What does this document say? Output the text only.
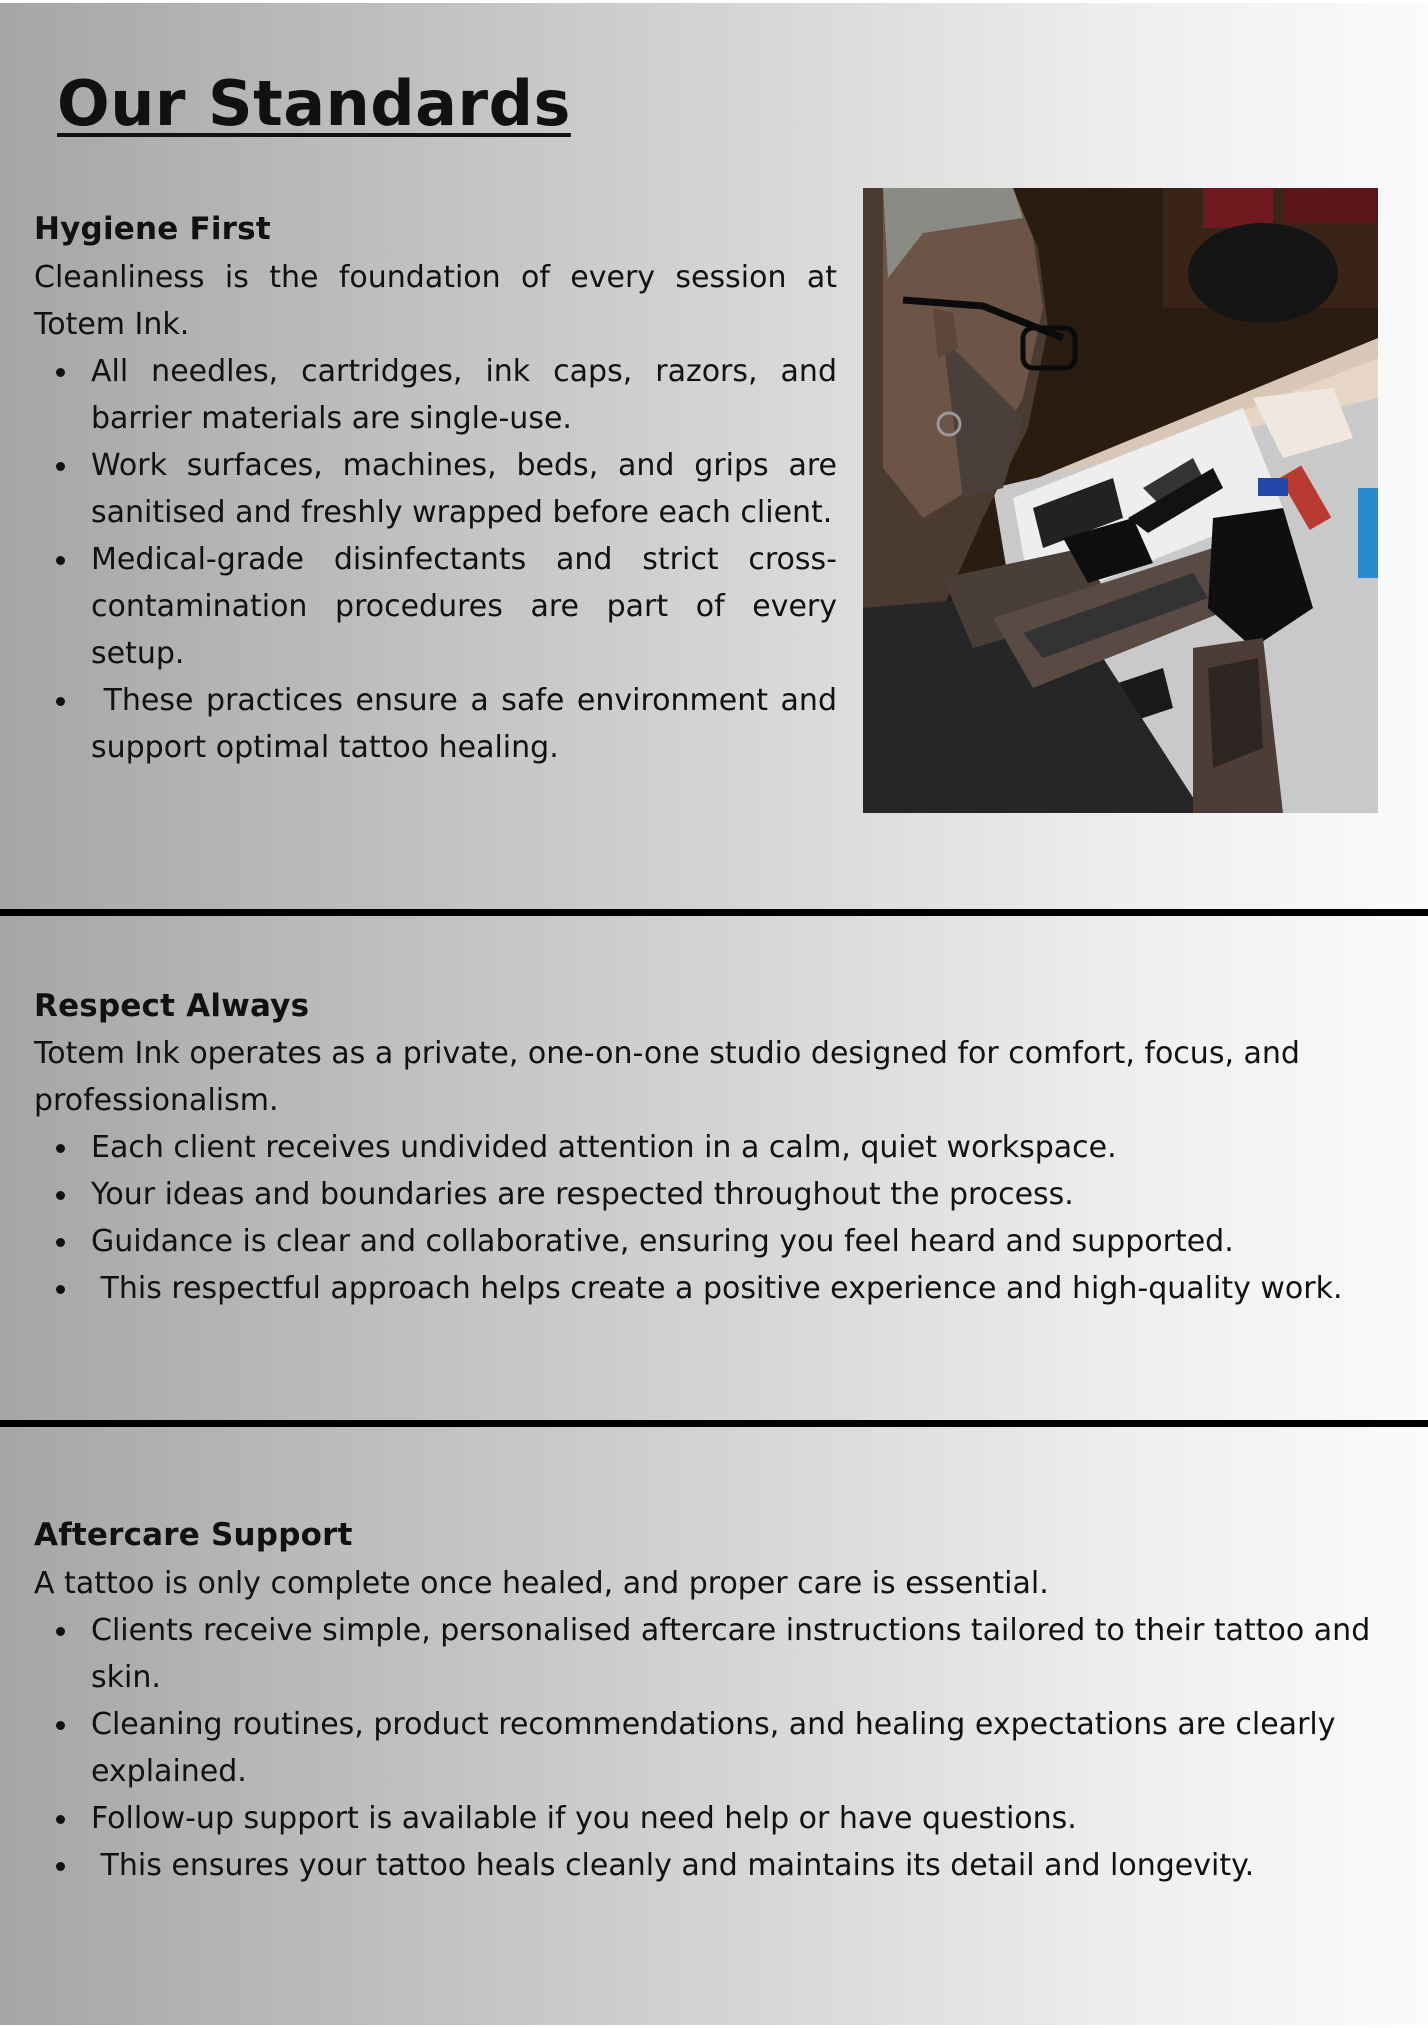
Our Standards
Hygiene First

Cleanliness is the foundation of every session at Totem Ink.

All needles, cartridges, ink caps, razors, and barrier materials are single-use.
Work surfaces, machines, beds, and grips are sanitised and freshly wrapped before each client.
Medical-grade disinfectants and strict cross-contamination procedures are part of every setup.
These practices ensure a safe environment and support optimal tattoo healing.
Respect Always

Totem Ink operates as a private, one-on-one studio designed for comfort, focus, and professionalism.

Each client receives undivided attention in a calm, quiet workspace.
Your ideas and boundaries are respected throughout the process.
Guidance is clear and collaborative, ensuring you feel heard and supported.
This respectful approach helps create a positive experience and high-quality work.
Aftercare Support

A tattoo is only complete once healed, and proper care is essential.

Clients receive simple, personalised aftercare instructions tailored to their tattoo and skin.
Cleaning routines, product recommendations, and healing expectations are clearly explained.
Follow-up support is available if you need help or have questions.
This ensures your tattoo heals cleanly and maintains its detail and longevity.
